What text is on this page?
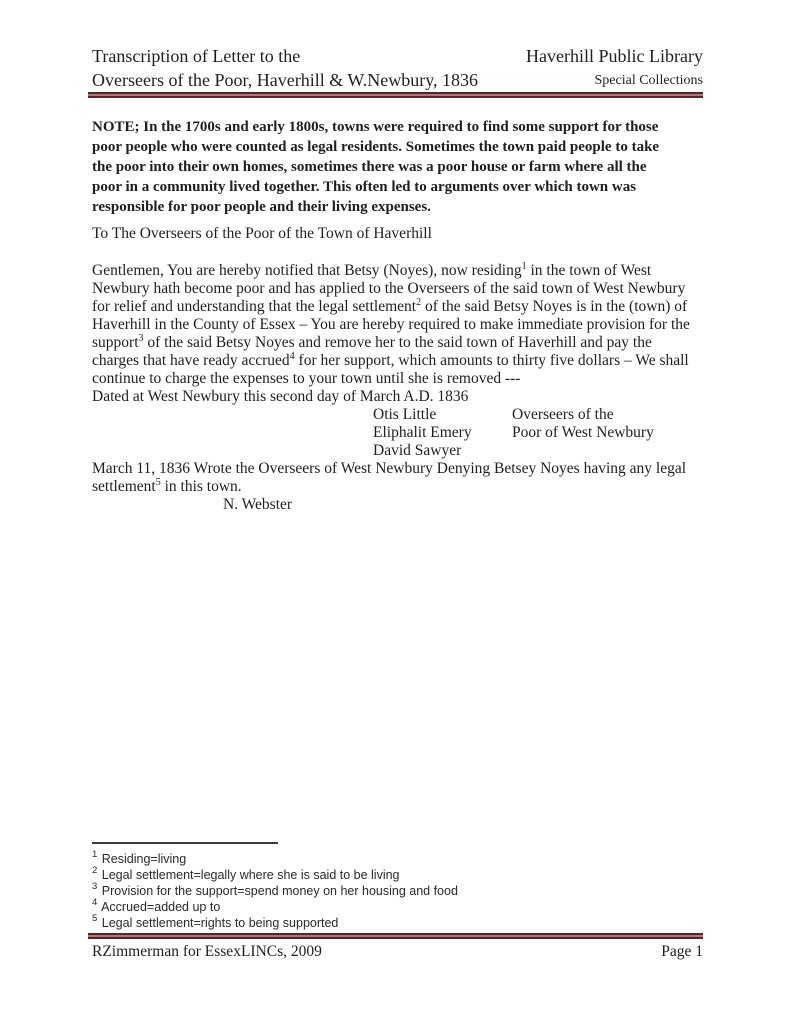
Transcription of Letter to the
Overseers of the Poor, Haverhill & W.Newbury, 1836
Haverhill Public Library
Special Collections
NOTE; In the 1700s and early 1800s, towns were required to find some support for those
poor people who were counted as legal residents. Sometimes the town paid people to take
the poor into their own homes, sometimes there was a poor house or farm where all the
poor in a community lived together. This often led to arguments over which town was
responsible for poor people and their living expenses.
To The Overseers of the Poor of the Town of Haverhill
Gentlemen, You are hereby notified that Betsy (Noyes), now residing$^1$ in the town of West
Newbury hath become poor and has applied to the Overseers of the said town of West Newbury
for relief and understanding that the legal settlement$^2$ of the said Betsy Noyes is in the (town) of
Haverhill in the County of Essex – You are hereby required to make immediate provision for the
support$^3$ of the said Betsy Noyes and remove her to the said town of Haverhill and pay the
charges that have ready accrued$^4$ for her support, which amounts to thirty five dollars – We shall
continue to charge the expenses to your town until she is removed ---
Dated at West Newbury this second day of March A.D. 1836
Otis Little	Overseers of the
Eliphalit Emery	Poor of West Newbury
David Sawyer
March 11, 1836 Wrote the Overseers of West Newbury Denying Betsey Noyes having any legal
settlement$^5$ in this town.
N. Webster
$^1$ Residing=living
$^2$ Legal settlement=legally where she is said to be living
$^3$ Provision for the support=spend money on her housing and food
$^4$ Accrued=added up to
$^5$ Legal settlement=rights to being supported
RZimmerman for EssexLINCs, 2009	Page 1
